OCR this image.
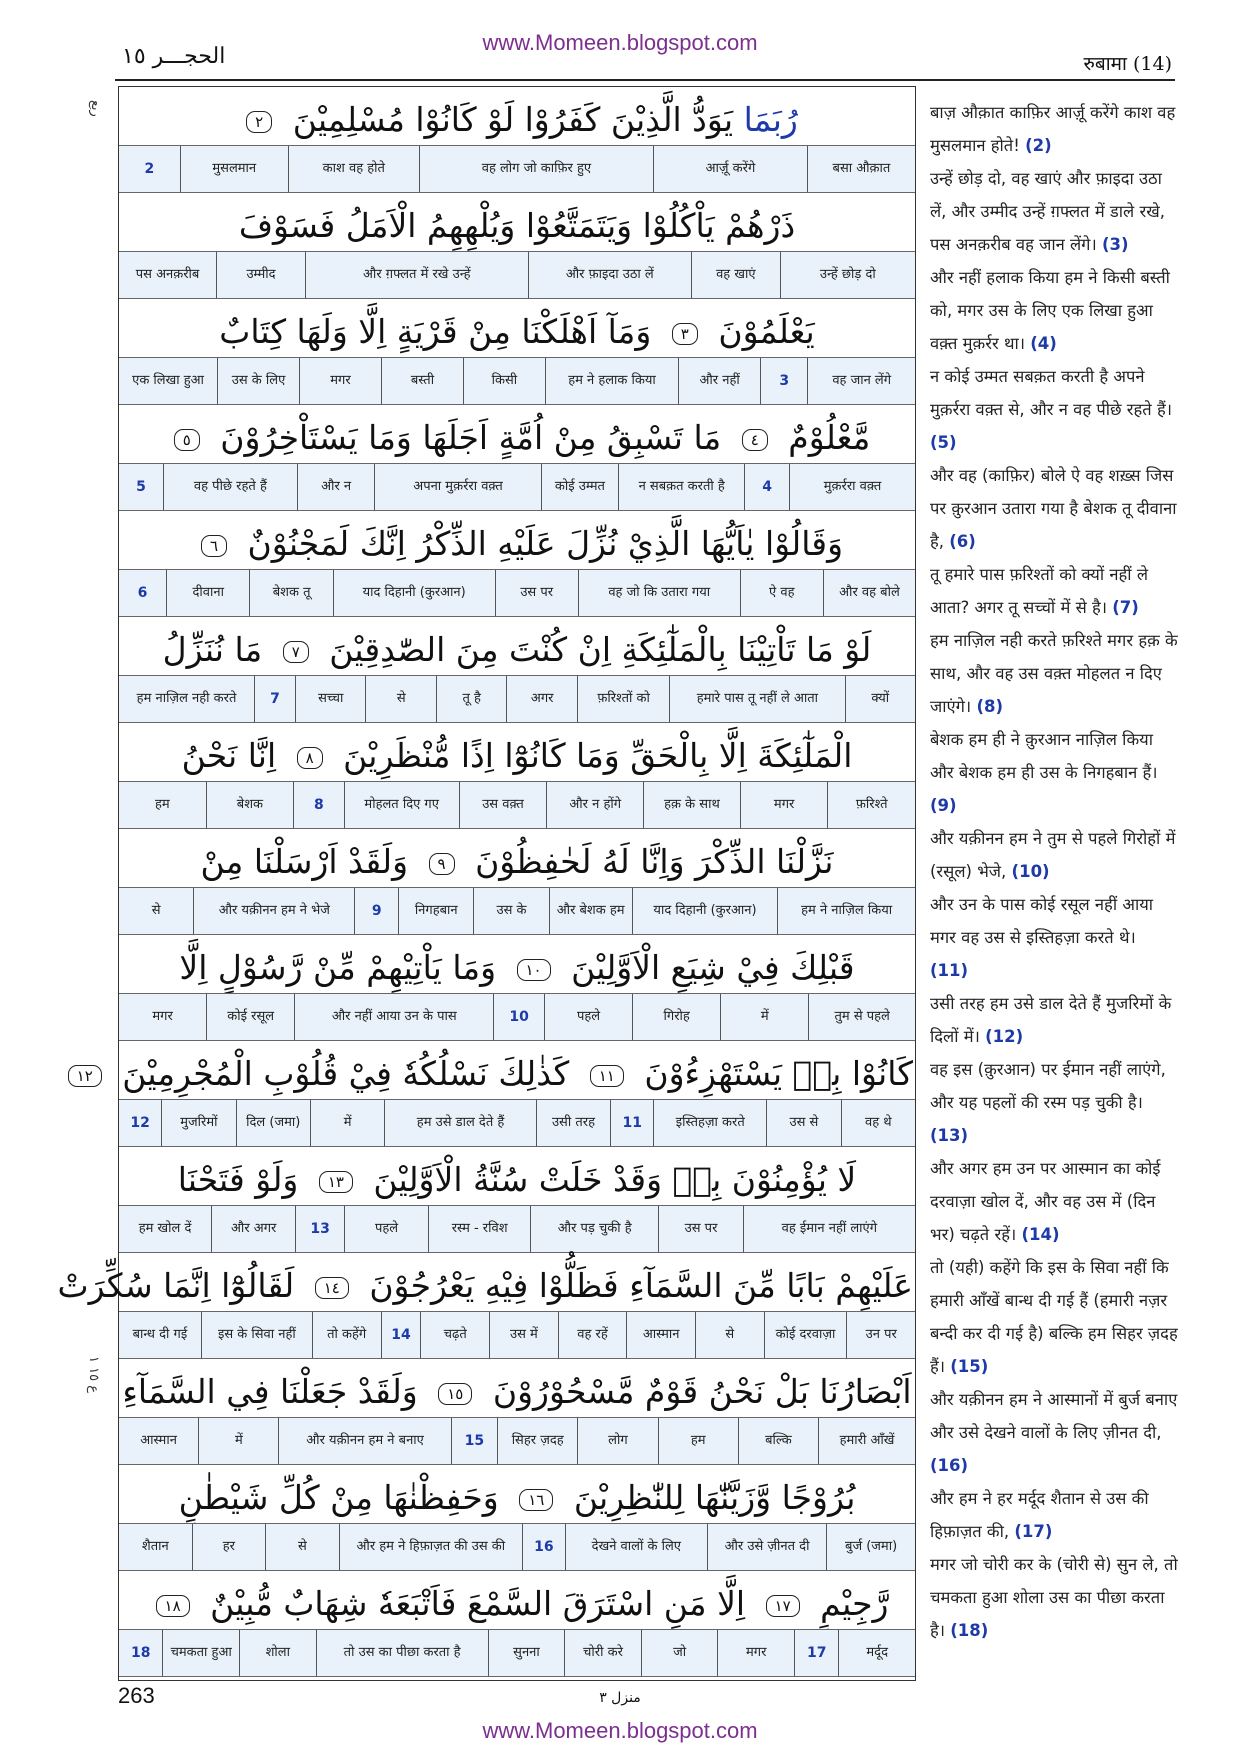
www.Momeen.blogspot.com
الحجـــر ١٥	रुबामा (14)
ربع
ع ١٥ ١
رُبَمَا يَوَدُّ الَّذِيْنَ كَفَرُوْا لَوْ كَانُوْا مُسْلِمِيْنَ ٢
बसा औक़ात
आर्ज़ू करेंगे
वह लोग जो काफ़िर हुए
काश वह होते
मुसलमान
2
ذَرْهُمْ يَاْكُلُوْا وَيَتَمَتَّعُوْا وَيُلْهِهِمُ الْاَمَلُ فَسَوْفَ
उन्हें छोड़ दो
वह खाएं
और फ़ाइदा उठा लें
और ग़फ्लत में रखे उन्हें
उम्मीद
पस अनक़रीब
يَعْلَمُوْنَ ٣ وَمَآ اَهْلَكْنَا مِنْ قَرْيَةٍ اِلَّا وَلَهَا كِتَابٌ
वह जान लेंगे
3
और नहीं
हम ने हलाक किया
किसी
बस्ती
मगर
उस के लिए
एक लिखा हुआ
مَّعْلُوْمٌ ٤ مَا تَسْبِقُ مِنْ اُمَّةٍ اَجَلَهَا وَمَا يَسْتَاْخِرُوْنَ ٥
मुक़र्ररा वक़्त
4
न सबक़त करती है
कोई उम्मत
अपना मुक़र्ररा वक़्त
और न
वह पीछे रहते हैं
5
وَقَالُوْا يٰاَيُّهَا الَّذِيْ نُزِّلَ عَلَيْهِ الذِّكْرُ اِنَّكَ لَمَجْنُوْنٌ ٦
और वह बोले
ऐ वह
वह जो कि उतारा गया
उस पर
याद दिहानी (कुरआन)
बेशक तू
दीवाना
6
لَوْ مَا تَاْتِيْنَا بِالْمَلٰٓئِكَةِ اِنْ كُنْتَ مِنَ الصّٰدِقِيْنَ ٧ مَا نُنَزِّلُ
क्यों
हमारे पास तू नहीं ले आता
फ़रिश्तों को
अगर
तू है
से
सच्चा
7
हम नाज़िल नही करते
الْمَلٰٓئِكَةَ اِلَّا بِالْحَقِّ وَمَا كَانُوْٓا اِذًا مُّنْظَرِيْنَ ٨ اِنَّا نَحْنُ
फ़रिश्ते
मगर
हक़ के साथ
और न होंगे
उस वक़्त
मोहलत दिए गए
8
बेशक
हम
نَزَّلْنَا الذِّكْرَ وَاِنَّا لَهُ لَحٰفِظُوْنَ ٩ وَلَقَدْ اَرْسَلْنَا مِنْ
हम ने नाज़िल किया
याद दिहानी (कुरआन)
और बेशक हम
उस के
निगहबान
9
और यक़ीनन हम ने भेजे
से
قَبْلِكَ فِيْ شِيَعِ الْاَوَّلِيْنَ ١٠ وَمَا يَاْتِيْهِمْ مِّنْ رَّسُوْلٍ اِلَّا
तुम से पहले
में
गिरोह
पहले
10
और नहीं आया उन के पास
कोई रसूल
मगर
كَانُوْا بِهٖ يَسْتَهْزِءُوْنَ ١١ كَذٰلِكَ نَسْلُكُهٗ فِيْ قُلُوْبِ الْمُجْرِمِيْنَ ١٢
वह थे
उस से
इस्तिहज़ा करते
11
उसी तरह
हम उसे डाल देते हैं
में
दिल (जमा)
मुजरिमों
12
لَا يُؤْمِنُوْنَ بِهٖ وَقَدْ خَلَتْ سُنَّةُ الْاَوَّلِيْنَ ١٣ وَلَوْ فَتَحْنَا
वह ईमान नहीं लाएंगे
उस पर
और पड़ चुकी है
रस्म - रविश
पहले
13
और अगर
हम खोल दें
عَلَيْهِمْ بَابًا مِّنَ السَّمَآءِ فَظَلُّوْا فِيْهِ يَعْرُجُوْنَ ١٤ لَقَالُوْٓا اِنَّمَا سُكِّرَتْ
उन पर
कोई दरवाज़ा
से
आस्मान
वह रहें
उस में
चढ़ते
14
तो कहेंगे
इस के सिवा नहीं
बान्ध दी गई
اَبْصَارُنَا بَلْ نَحْنُ قَوْمٌ مَّسْحُوْرُوْنَ ١٥ وَلَقَدْ جَعَلْنَا فِي السَّمَآءِ
हमारी आँखें
बल्कि
हम
लोग
सिहर ज़दह
15
और यक़ीनन हम ने बनाए
में
आस्मान
بُرُوْجًا وَّزَيَّنّٰهَا لِلنّٰظِرِيْنَ ١٦ وَحَفِظْنٰهَا مِنْ كُلِّ شَيْطٰنٍ
बुर्ज (जमा)
और उसे ज़ीनत दी
देखने वालों के लिए
16
और हम ने हिफ़ाज़त की उस की
से
हर
शैतान
رَّجِيْمٍ ١٧ اِلَّا مَنِ اسْتَرَقَ السَّمْعَ فَاَتْبَعَهٗ شِهَابٌ مُّبِيْنٌ ١٨
मर्दूद
17
मगर
जो
चोरी करे
सुनना
तो उस का पीछा करता है
शोला
चमकता हुआ
18
बाज़ औक़ात काफ़िर आर्ज़ू करेंगे काश वह मुसलमान होते! (2)
उन्हें छोड़ दो, वह खाएं और फ़ाइदा उठा लें, और उम्मीद उन्हें ग़फ्लत में डाले रखे, पस अनक़रीब वह जान लेंगे। (3)
और नहीं हलाक किया हम ने किसी बस्ती को, मगर उस के लिए एक लिखा हुआ वक़्त मुक़र्रर था। (4)
न कोई उम्मत सबक़त करती है अपने मुक़र्ररा वक़्त से, और न वह पीछे रहते हैं। (5)
और वह (काफ़िर) बोले ऐ वह शख़्स जिस पर क़ुरआन उतारा गया है बेशक तू दीवाना है, (6)
तू हमारे पास फ़रिश्तों को क्यों नहीं ले आता? अगर तू सच्चों में से है। (7)
हम नाज़िल नही करते फ़रिश्ते मगर हक़ के साथ, और वह उस वक़्त मोहलत न दिए जाएंगे। (8)
बेशक हम ही ने क़ुरआन नाज़िल किया और बेशक हम ही उस के निगहबान हैं। (9)
और यक़ीनन हम ने तुम से पहले गिरोहों में (रसूल) भेजे, (10)
और उन के पास कोई रसूल नहीं आया मगर वह उस से इस्तिहज़ा करते थे। (11)
उसी तरह हम उसे डाल देते हैं मुजरिमों के दिलों में। (12)
वह इस (क़ुरआन) पर ईमान नहीं लाएंगे, और यह पहलों की रस्म पड़ चुकी है। (13)
और अगर हम उन पर आस्मान का कोई दरवाज़ा खोल दें, और वह उस में (दिन भर) चढ़ते रहें। (14)
तो (यही) कहेंगे कि इस के सिवा नहीं कि हमारी आँखें बान्ध दी गई हैं (हमारी नज़र बन्दी कर दी गई है) बल्कि हम सिहर ज़दह हैं। (15)
और यक़ीनन हम ने आस्मानों में बुर्ज बनाए और उसे देखने वालों के लिए ज़ीनत दी, (16)
और हम ने हर मर्दूद शैतान से उस की हिफ़ाज़त की, (17)
मगर जो चोरी कर के (चोरी से) सुन ले, तो चमकता हुआ शोला उस का पीछा करता है। (18)

263	منزل ٣
www.Momeen.blogspot.com
